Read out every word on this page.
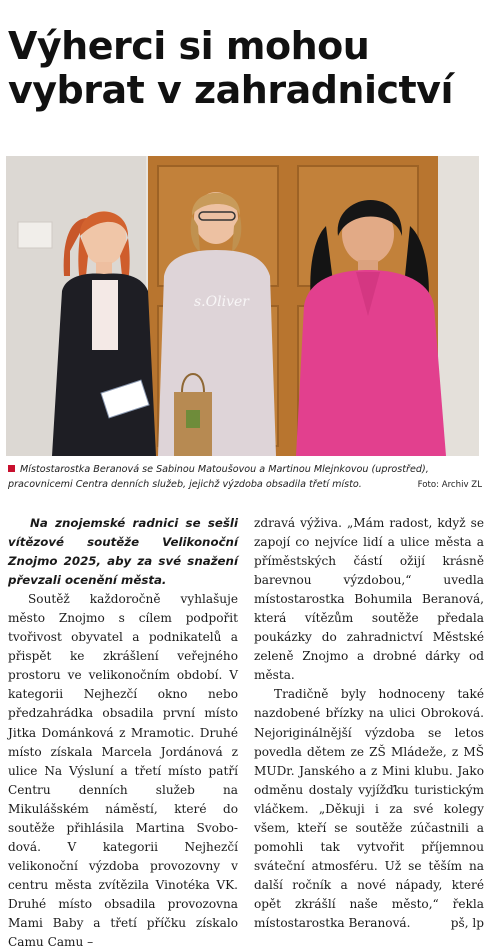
Výherci si mohou
vybrat v zahradnictví
s.Oliver
Místostarostka Beranová se Sabinou Matoušovou a Martinou Mlejnkovou (uprostřed), pracovnicemi Centra denních služeb, jejichž výzdoba obsadila třetí místo.	Foto: Archiv ZL

Na znojemské radnici se sešli vítězové soutěže Velikonoční Znojmo 2025, aby za své snažení převzali ocenění města.

Soutěž každoročně vyhlašuje město Znojmo s cílem podpořit tvořivost obyvatel a podnikatelů a přispět ke zkrášlení veřejného prostoru ve velikonočním období. V kategorii Nejhezčí okno nebo předzahrádka obsadila první místo Jitka Dománková z Mramotic. Druhé místo získala Marcela Jordánová z ulice Na Výsluní a třetí místo patří Centru denních služeb na Mikulášském náměstí, které do soutěže přihlásila Martina Svobodová. V kategorii Nejhezčí velikonoční výzdoba provozovny v centru města zvítězila Vinotéka VK. Druhé místo obsadila provozovna Mami Baby a třetí příčku získalo Camu Camu –

zdravá výživa. „Mám radost, když se zapojí co nejvíce lidí a ulice města a příměstských částí ožijí krásně barevnou výzdobou,“ uvedla místostarostka Bohumila Beranová, která vítězům soutěže předala poukázky do zahradnictví Městské zeleně Znojmo a drobné dárky od města.

Tradičně byly hodnoceny také nazdobené břízky na ulici Obroková. Nejoriginálnější výzdoba se letos povedla dětem ze ZŠ Mládeže, z MŠ MUDr. Janského a z Mini klubu. Jako odměnu dostaly vyjížďku turistickým vláčkem. „Děkuji i za své kolegy všem, kteří se soutěže zúčastnili a pomohli tak vytvořit příjemnou sváteční atmosféru. Už se těším na další ročník a nové nápady, které opět zkrášlí naše město,“ řekla místostarostka Beranová.	pš, lp
